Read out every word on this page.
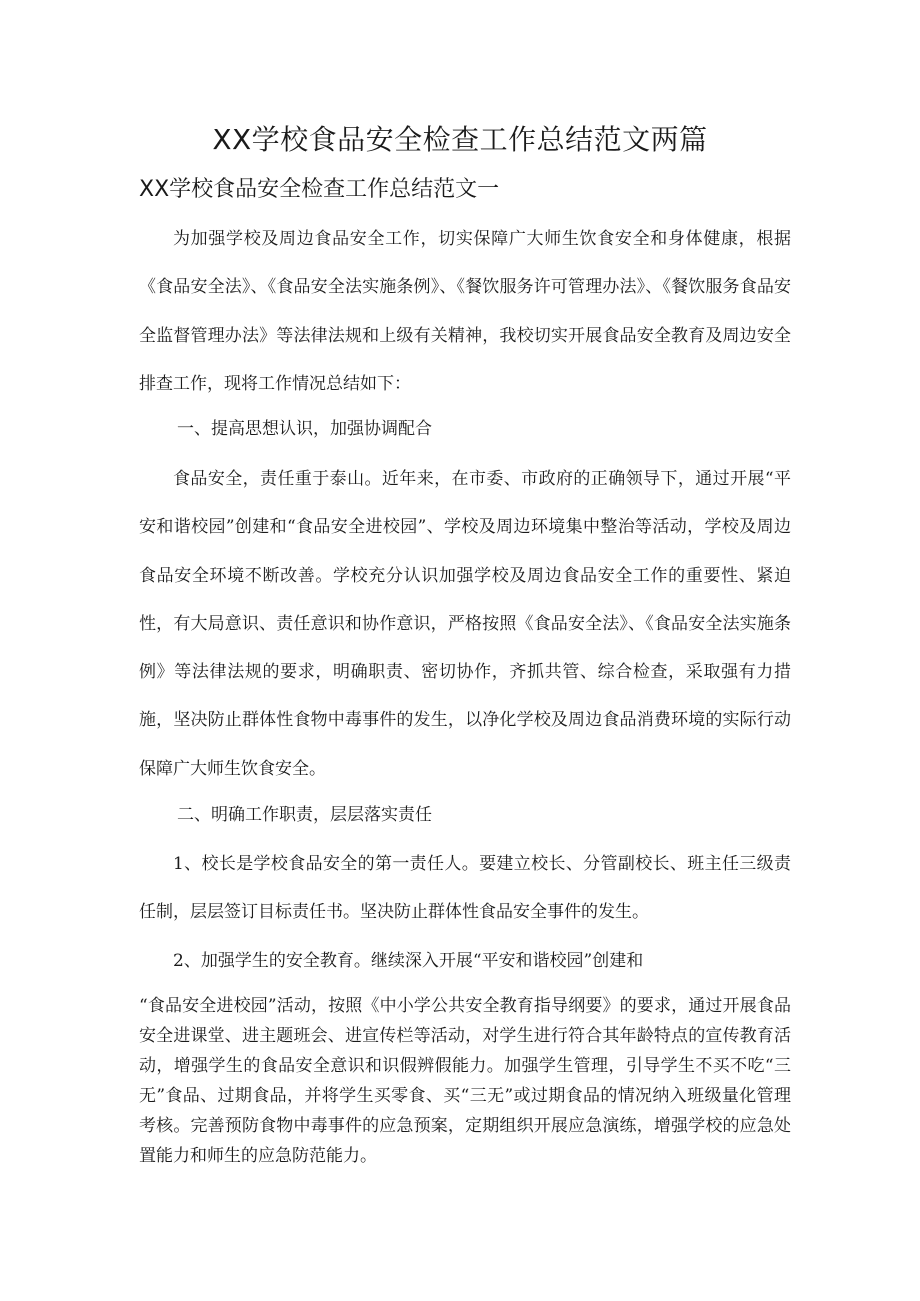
XX学校食品安全检查工作总结范文两篇
XX学校食品安全检查工作总结范文一

为加强学校及周边食品安全工作，切实保障广大师生饮食安全和身体健康，根据《食品安全法》、《食品安全法实施条例》、《餐饮服务许可管理办法》、《餐饮服务食品安全监督管理办法》等法律法规和上级有关精神，我校切实开展食品安全教育及周边安全排查工作，现将工作情况总结如下：

一、提高思想认识，加强协调配合

食品安全，责任重于泰山。近年来，在市委、市政府的正确领导下，通过开展“平安和谐校园”创建和“食品安全进校园”、学校及周边环境集中整治等活动，学校及周边食品安全环境不断改善。学校充分认识加强学校及周边食品安全工作的重要性、紧迫性，有大局意识、责任意识和协作意识，严格按照《食品安全法》、《食品安全法实施条例》等法律法规的要求，明确职责、密切协作，齐抓共管、综合检查，采取强有力措施，坚决防止群体性食物中毒事件的发生，以净化学校及周边食品消费环境的实际行动保障广大师生饮食安全。

二、明确工作职责，层层落实责任

1、校长是学校食品安全的第一责任人。要建立校长、分管副校长、班主任三级责任制，层层签订目标责任书。坚决防止群体性食品安全事件的发生。

2、加强学生的安全教育。继续深入开展“平安和谐校园”创建和

“食品安全进校园”活动，按照《中小学公共安全教育指导纲要》的要求，通过开展食品安全进课堂、进主题班会、进宣传栏等活动，对学生进行符合其年龄特点的宣传教育活动，增强学生的食品安全意识和识假辨假能力。加强学生管理，引导学生不买不吃“三无”食品、过期食品，并将学生买零食、买“三无”或过期食品的情况纳入班级量化管理考核。完善预防食物中毒事件的应急预案，定期组织开展应急演练，增强学校的应急处置能力和师生的应急防范能力。
